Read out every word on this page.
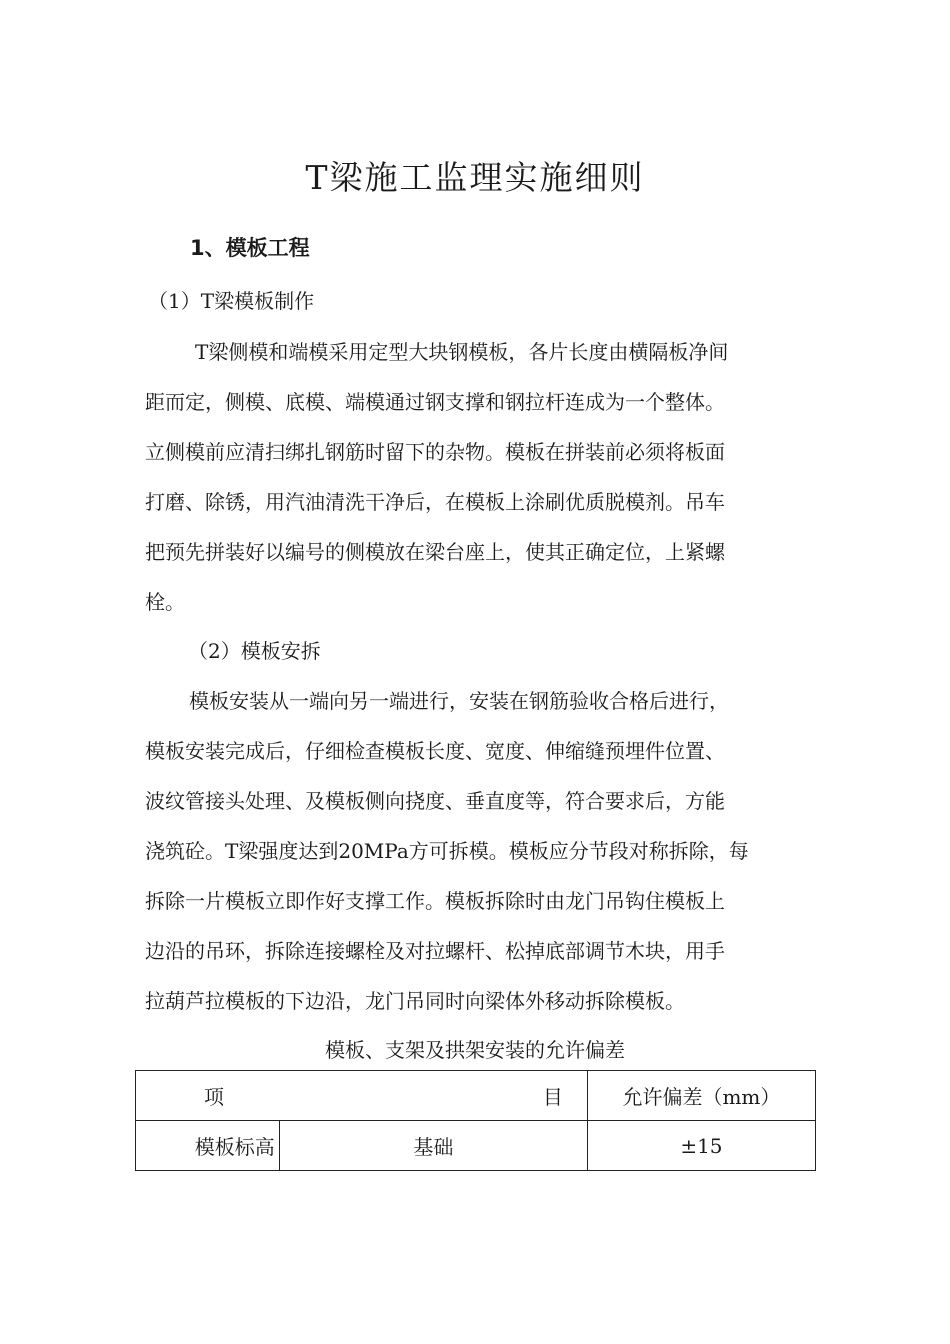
T梁施工监理实施细则
1、模板工程

（1）T梁模板制作

T梁侧模和端模采用定型大块钢模板，各片长度由横隔板净间
距而定，侧模、底模、端模通过钢支撑和钢拉杆连成为一个整体。
立侧模前应清扫绑扎钢筋时留下的杂物。模板在拼装前必须将板面
打磨、除锈，用汽油清洗干净后，在模板上涂刷优质脱模剂。吊车
把预先拼装好以编号的侧模放在梁台座上，使其正确定位，上紧螺
栓。

（2）模板安拆

模板安装从一端向另一端进行，安装在钢筋验收合格后进行，
模板安装完成后，仔细检查模板长度、宽度、伸缩缝预埋件位置、
波纹管接头处理、及模板侧向挠度、垂直度等，符合要求后，方能
浇筑砼。T梁强度达到20MPa方可拆模。模板应分节段对称拆除，每
拆除一片模板立即作好支撑工作。模板拆除时由龙门吊钩住模板上
边沿的吊环，拆除连接螺栓及对拉螺杆、松掉底部调节木块，用手
拉葫芦拉模板的下边沿，龙门吊同时向梁体外移动拆除模板。

模板、支架及拱架安装的允许偏差

项 目		允许偏差（mm）
模板标高	基础	±15
